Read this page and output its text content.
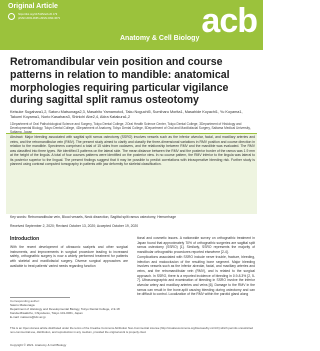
Original Article
https://doi.org/10.5115/acb.20.179
pISSN 2093-3665 eISSN 2093-3673
Anatomy & Cell Biology acb
Retromandibular vein position and course patterns in relation to mandible: anatomical morphologies requiring particular vigilance during sagittal split ramus osteotomy
Keisuke Sugahara1,2, Satoru Matsunaga2,3, Masahito Yamamoto4, Taku Noguchi5, Sumiharu Morita1, Masahide Koyachi1, Yu Koyama1, Takumi Koyama1, Norio Kasahara3, Shinichi Abe2,4, Akira Katakura1,2
1Department of Oral Pathobiological Science and Surgery, Tokyo Dental College, 2Oral Health Science Center, Tokyo Dental College, 3Department of Histology and Developmental Biology, Tokyo Dental College, 4Department of Anatomy, Tokyo Dental College, 5Department of Oral and Maxillofacial Surgery, Saitama Medical University,
Abstract: Major bleeding associated with sagittal split ramus osteotomy (SSRO) involves vessels such as the inferior alveolar, facial, and maxillary arteries and veins, and the retromandibular vein (RMV). The present study aimed to clarify and classify the three-dimensional variations in RMV position and course direction in relation to the mandible. Specimens comprised a total of 15 sides from cadavers, and the relationship between RMV and the mandible was evaluated. The RMV was classified into three types. We identified 3 patterns on the lateral side. The mean distance between the RMV and the posterior border of the ramus was 1.9 mm at the height of the lingula. A total of four courses patterns were identified on the posterior view. In no course pattern, the RMV inferior to the lingula was lateral to its posterior superior to the lingual. The present findings suggest that it may be possible to predict correlations with intraoperative bleeding risk. Further study is planned using contrast computed tomography in patients with jaw deformity for skeletal classification.
Key words: Retromandibular vein, Blood vessels, Neck dissection, Sagittal split ramus osteotomy, Hemorrhage
Received September 2, 2020; Revised October 13, 2020; Accepted October 19, 2020
Introduction
With the recent development of ultrasonic scalpels and other surgical instruments, and improvements in surgical procedure leading to increased safety, orthognathic surgery is now a widely performed treatment for patients with skeletal and maxillofacial surgery. Diverse surgical approaches are available to treat patients' varied needs regarding function
tional and cosmetic issues. A nationwide survey on orthognathic treatment in Japan found that approximately 70% of orthognathic surgeries are sagittal split ramus osteotomy (SSRO) [1]. Similarly, SSRO represents the majority of mandibular orthognathic procedures reported elsewhere [2-4].
Complications associated with SSRO include nerve trouble, fracture, bleeding, infection and malocclusion of the resulting bone segment. Major bleeding involves vessels such as the inferior alveolar, facial, and maxillary arteries and veins, and the retromandibular vein (RMV), and is related to the surgical approach. In SSRO, there is a reported incidence of bleeding in 0.9-8.3% [2, 5-7]. Ultrasonographic and examination of bleeding in SSRO involve the inferior alveolar artery and maxillary arteries and veins [6]. Damage to the RMV in the ramus can result in the bone-split causing bleeding during osteotomy and can be difficult to control. Localization of the RMV within the parotid gland along
Corresponding author:
Satoru Matsunaga
Department of Histology and Developmental Biology, Tokyo Dental College, 2-9-18 Kanda-Misakicho, Chiyoda-ku, Tokyo 101-0061, Japan
E-mail: matsuns@tdc.ac.jp
This is an Open Access article distributed under the terms of the Creative Commons Attribution Non-Commercial License (http://creativecommons.org/licenses/by-nc/4.0/) which permits unrestricted non-commercial use, distribution, and reproduction in any medium, provided the original work is properly cited.
Copyright © 2021. Anatomy & Cell Biology
